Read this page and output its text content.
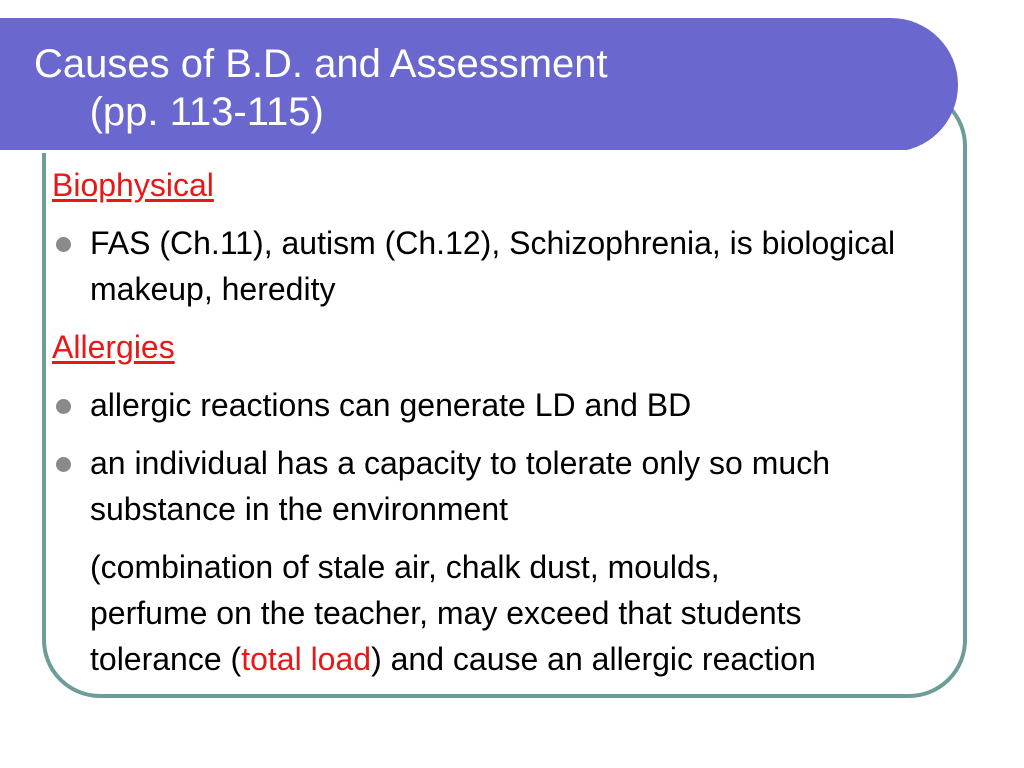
Causes of B.D. and Assessment
(pp. 113-115)

Biophysical

FAS (Ch.11), autism (Ch.12), Schizophrenia, is biological makeup, heredity

Allergies

allergic reactions can generate LD and BD
an individual has a capacity to tolerate only so much substance in the environment

(combination of stale air, chalk dust, moulds,

perfume on the teacher, may exceed that students

tolerance (total load) and cause an allergic reaction
